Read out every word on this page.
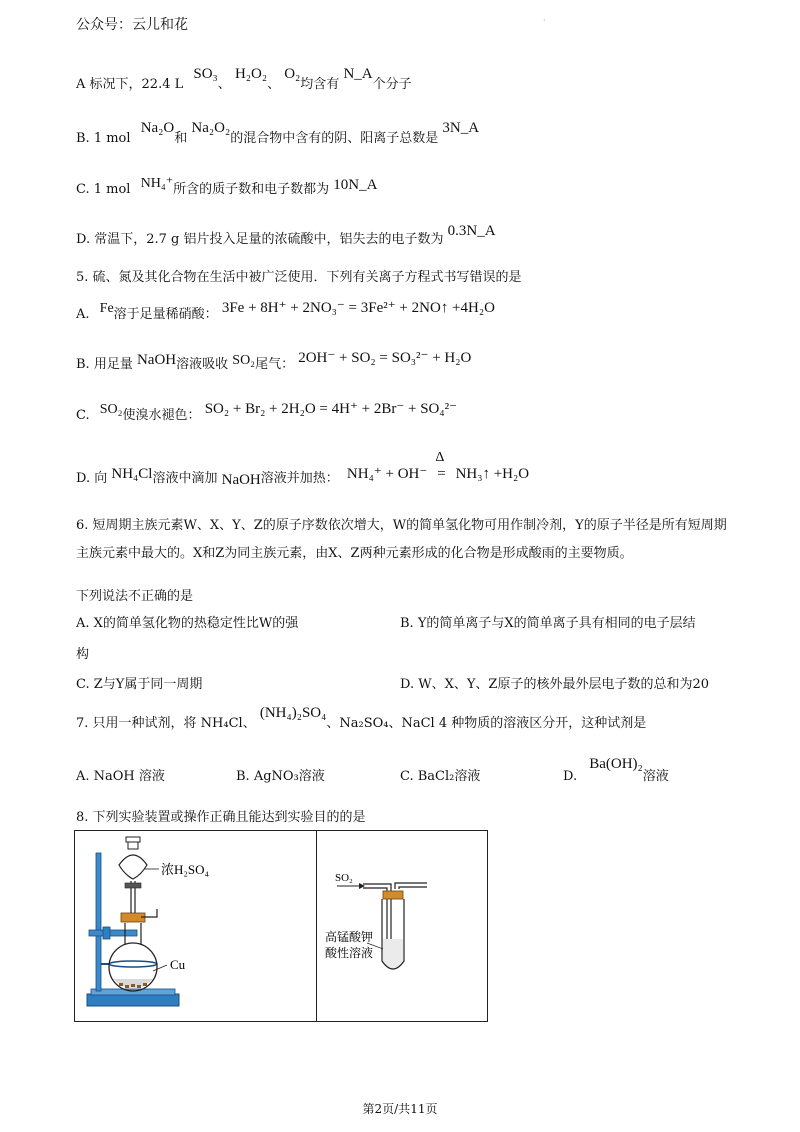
公众号：云儿和花	·
A 标况下，22.4 L SO₃、 H₂O₂、 O₂均含有 N_A个分子
B. 1 mol Na₂O和 Na₂O₂的混合物中含有的阴、阳离子总数是 3N_A
C. 1 mol NH₄⁺所含的质子数和电子数都为 10N_A
D. 常温下，2.7 g 铝片投入足量的浓硫酸中，铝失去的电子数为 0.3N_A
5. 硫、氮及其化合物在生活中被广泛使用．下列有关离子方程式书写错误的是
A. Fe溶于足量稀硝酸： 3Fe + 8H⁺ + 2NO₃⁻ = 3Fe²⁺ + 2NO↑ +4H₂O
B. 用足量 NaOH溶液吸收 SO₂尾气： 2OH⁻ + SO₂ = SO₃²⁻ + H₂O
C. SO₂使溴水褪色： SO₂ + Br₂ + 2H₂O = 4H⁺ + 2Br⁻ + SO₄²⁻
D. 向 NH₄Cl溶液中滴加 NaOH溶液并加热： NH₄⁺ + OH⁻
Δ
= NH₃↑ +H₂O
6. 短周期主族元素W、X、Y、Z的原子序数依次增大，W的简单氢化物可用作制冷剂，Y的原子半径是所有短周期主族元素中最大的。X和Z为同主族元素，由X、Z两种元素形成的化合物是形成酸雨的主要物质。
下列说法不正确的是
A. X的简单氢化物的热稳定性比W的强	B. Y的简单离子与X的简单离子具有相同的电子层结
构
C. Z与Y属于同一周期	D. W、X、Y、Z原子的核外最外层电子数的总和为20
7. 只用一种试剂，将 NH₄Cl、 (NH₄)₂SO₄、Na₂SO₄、NaCl 4 种物质的溶液区分开，这种试剂是
A. NaOH 溶液	B. AgNO₃溶液	C. BaCl₂溶液	D. Ba(OH)₂溶液
8. 下列实验装置或操作正确且能达到实验目的的是
浓H₂SO₄
Cu
SO₂
高锰酸钾
酸性溶液
第2页/共11页
